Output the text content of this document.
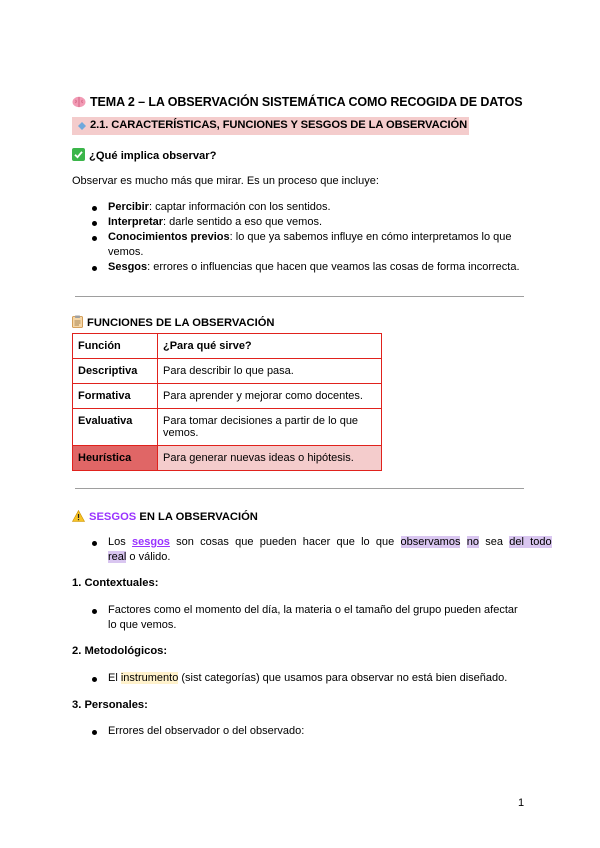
TEMA 2 – LA OBSERVACIÓN SISTEMÁTICA COMO RECOGIDA DE DATOS
2.1. CARACTERÍSTICAS, FUNCIONES Y SESGOS DE LA OBSERVACIÓN
¿Qué implica observar?
Observar es mucho más que mirar. Es un proceso que incluye:
Percibir: captar información con los sentidos.
Interpretar: darle sentido a eso que vemos.
Conocimientos previos: lo que ya sabemos influye en cómo interpretamos lo que
vemos.
Sesgos: errores o influencias que hacen que veamos las cosas de forma incorrecta.
FUNCIONES DE LA OBSERVACIÓN
Función	¿Para qué sirve?
Descriptiva	Para describir lo que pasa.
Formativa	Para aprender y mejorar como docentes.
Evaluativa	Para tomar decisiones a partir de lo que
vemos.
Heurística	Para generar nuevas ideas o hipótesis.
SESGOS EN LA OBSERVACIÓN
Los sesgos son cosas que pueden hacer que lo que observamos no sea del todo
real o válido.
1. Contextuales:
Factores como el momento del día, la materia o el tamaño del grupo pueden afectar
lo que vemos.
2. Metodológicos:
El instrumento (sist categorías) que usamos para observar no está bien diseñado.
3. Personales:
Errores del observador o del observado:
1
